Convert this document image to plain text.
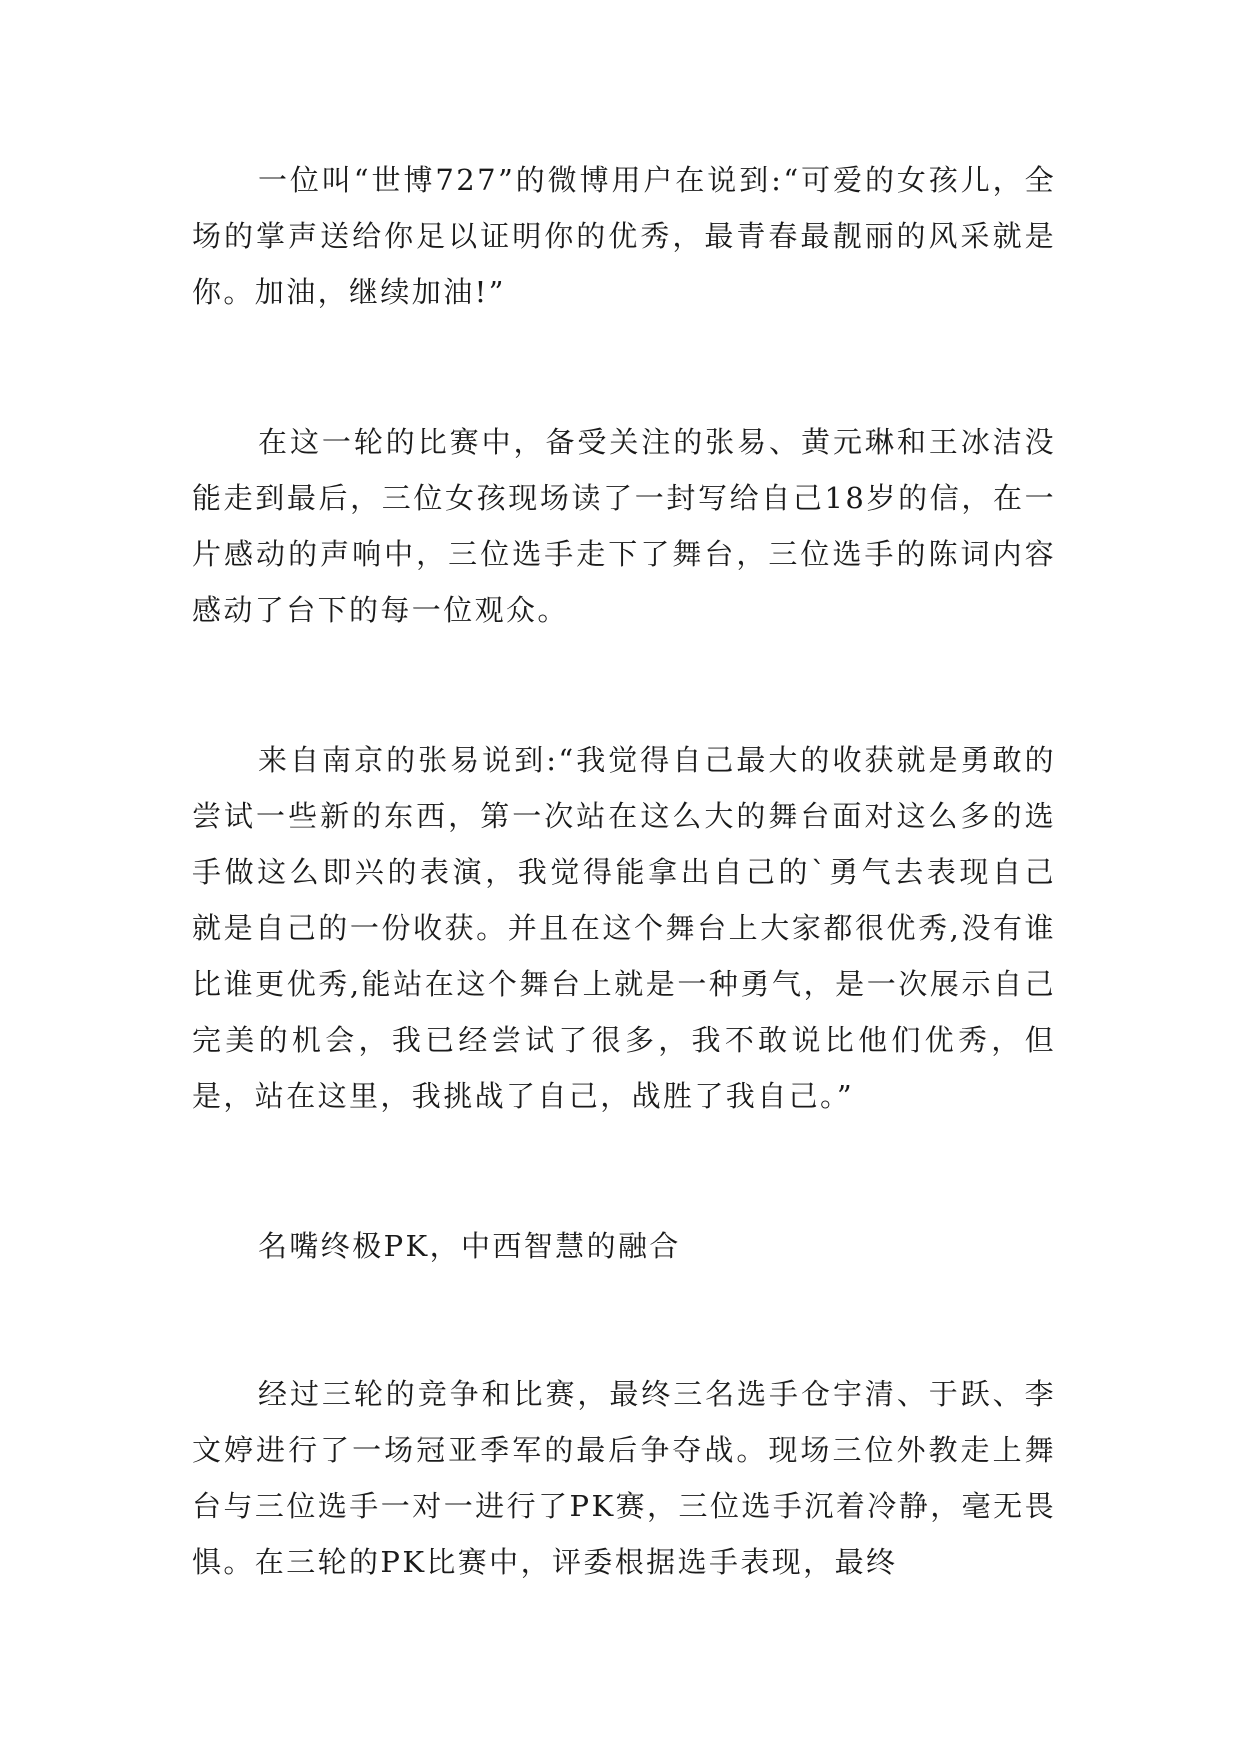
一位叫“世博727”的微博用户在说到:“可爱的女孩儿，全场的掌声送给你足以证明你的优秀，最青春最靓丽的风采就是你。加油，继续加油!”

在这一轮的比赛中，备受关注的张易、黄元琳和王冰洁没能走到最后，三位女孩现场读了一封写给自己18岁的信，在一片感动的声响中，三位选手走下了舞台，三位选手的陈词内容感动了台下的每一位观众。

来自南京的张易说到:“我觉得自己最大的收获就是勇敢的尝试一些新的东西，第一次站在这么大的舞台面对这么多的选手做这么即兴的表演，我觉得能拿出自己的`勇气去表现自己就是自己的一份收获。并且在这个舞台上大家都很优秀,没有谁比谁更优秀,能站在这个舞台上就是一种勇气，是一次展示自己完美的机会，我已经尝试了很多，我不敢说比他们优秀，但是，站在这里，我挑战了自己，战胜了我自己。”

名嘴终极PK，中西智慧的融合

经过三轮的竞争和比赛，最终三名选手仓宇清、于跃、李文婷进行了一场冠亚季军的最后争夺战。现场三位外教走上舞台与三位选手一对一进行了PK赛，三位选手沉着冷静，毫无畏惧。在三轮的PK比赛中，评委根据选手表现，最终
